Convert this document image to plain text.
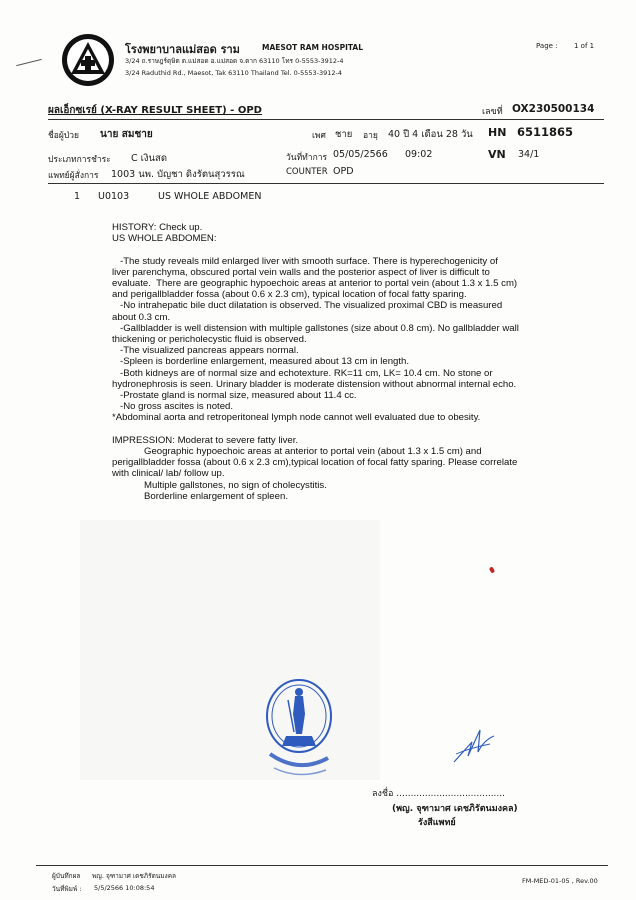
โรงพยาบาลแม่สอด ราม	MAESOT RAM HOSPITAL
3/24 ถ.ราษฎร์ดุษิต ต.แม่สอด อ.แม่สอด จ.ตาก 63110 โทร 0-5553-3912-4
3/24 Raduthid Rd., Maesot, Tak 63110 Thailand Tel. 0-5553-3912-4
Page : 1 of 1
ผลเอ็กซเรย์ (X-RAY RESULT SHEET) - OPD	เลขที่ OX230500134
ชื่อผู้ป่วย นาย สมชาย	เพศ ชาย อายุ 40 ปี 4 เดือน 28 วัน HN 6511865
ประเภทการชำระ C เงินสด	วันที่ทำการ 05/05/2566 09:02	VN 34/1
แพทย์ผู้สั่งการ 1003 นพ. บัญชา ดิงรัตนสุวรรณ	COUNTER OPD
1 U0103	US WHOLE ABDOMEN
HISTORY: Check up.
US WHOLE ABDOMEN:
-The study reveals mild enlarged liver with smooth surface. There is hyperechogenicity of
liver parenchyma, obscured portal vein walls and the posterior aspect of liver is difficult to
evaluate.  There are geographic hypoechoic areas at anterior to portal vein (about 1.3 x 1.5 cm)
and perigallbladder fossa (about 0.6 x 2.3 cm), typical location of focal fatty sparing.
-No intrahepatic bile duct dilatation is observed. The visualized proximal CBD is measured
about 0.3 cm.
-Gallbladder is well distension with multiple gallstones (size about 0.8 cm). No gallbladder wall
thickening or pericholecystic fluid is observed.
-The visualized pancreas appears normal.
-Spleen is borderline enlargement, measured about 13 cm in length.
-Both kidneys are of normal size and echotexture. RK=11 cm, LK= 10.4 cm. No stone or
hydronephrosis is seen. Urinary bladder is moderate distension without abnormal internal echo.
-Prostate gland is normal size, measured about 11.4 cc.
-No gross ascites is noted.
*Abdominal aorta and retroperitoneal lymph node cannot well evaluated due to obesity.
IMPRESSION: Moderat to severe fatty liver.
Geographic hypoechoic areas at anterior to portal vein (about 1.3 x 1.5 cm) and
perigallbladder fossa (about 0.6 x 2.3 cm),typical location of focal fatty sparing. Please correlate
with clinical/ lab/ follow up.
Multiple gallstones, no sign of cholecystitis.
Borderline enlargement of spleen.
ลงชื่อ ......................................
(พญ. จุฑามาศ เดชภิรัตนมงคล)
รังสีแพทย์
ผู้บันทึกผล พญ. จุฑามาศ เดชภิรัตนมงคล
วันที่พิมพ์ : 5/5/2566 10:08:54
FM-MED-01-05 , Rev.00
